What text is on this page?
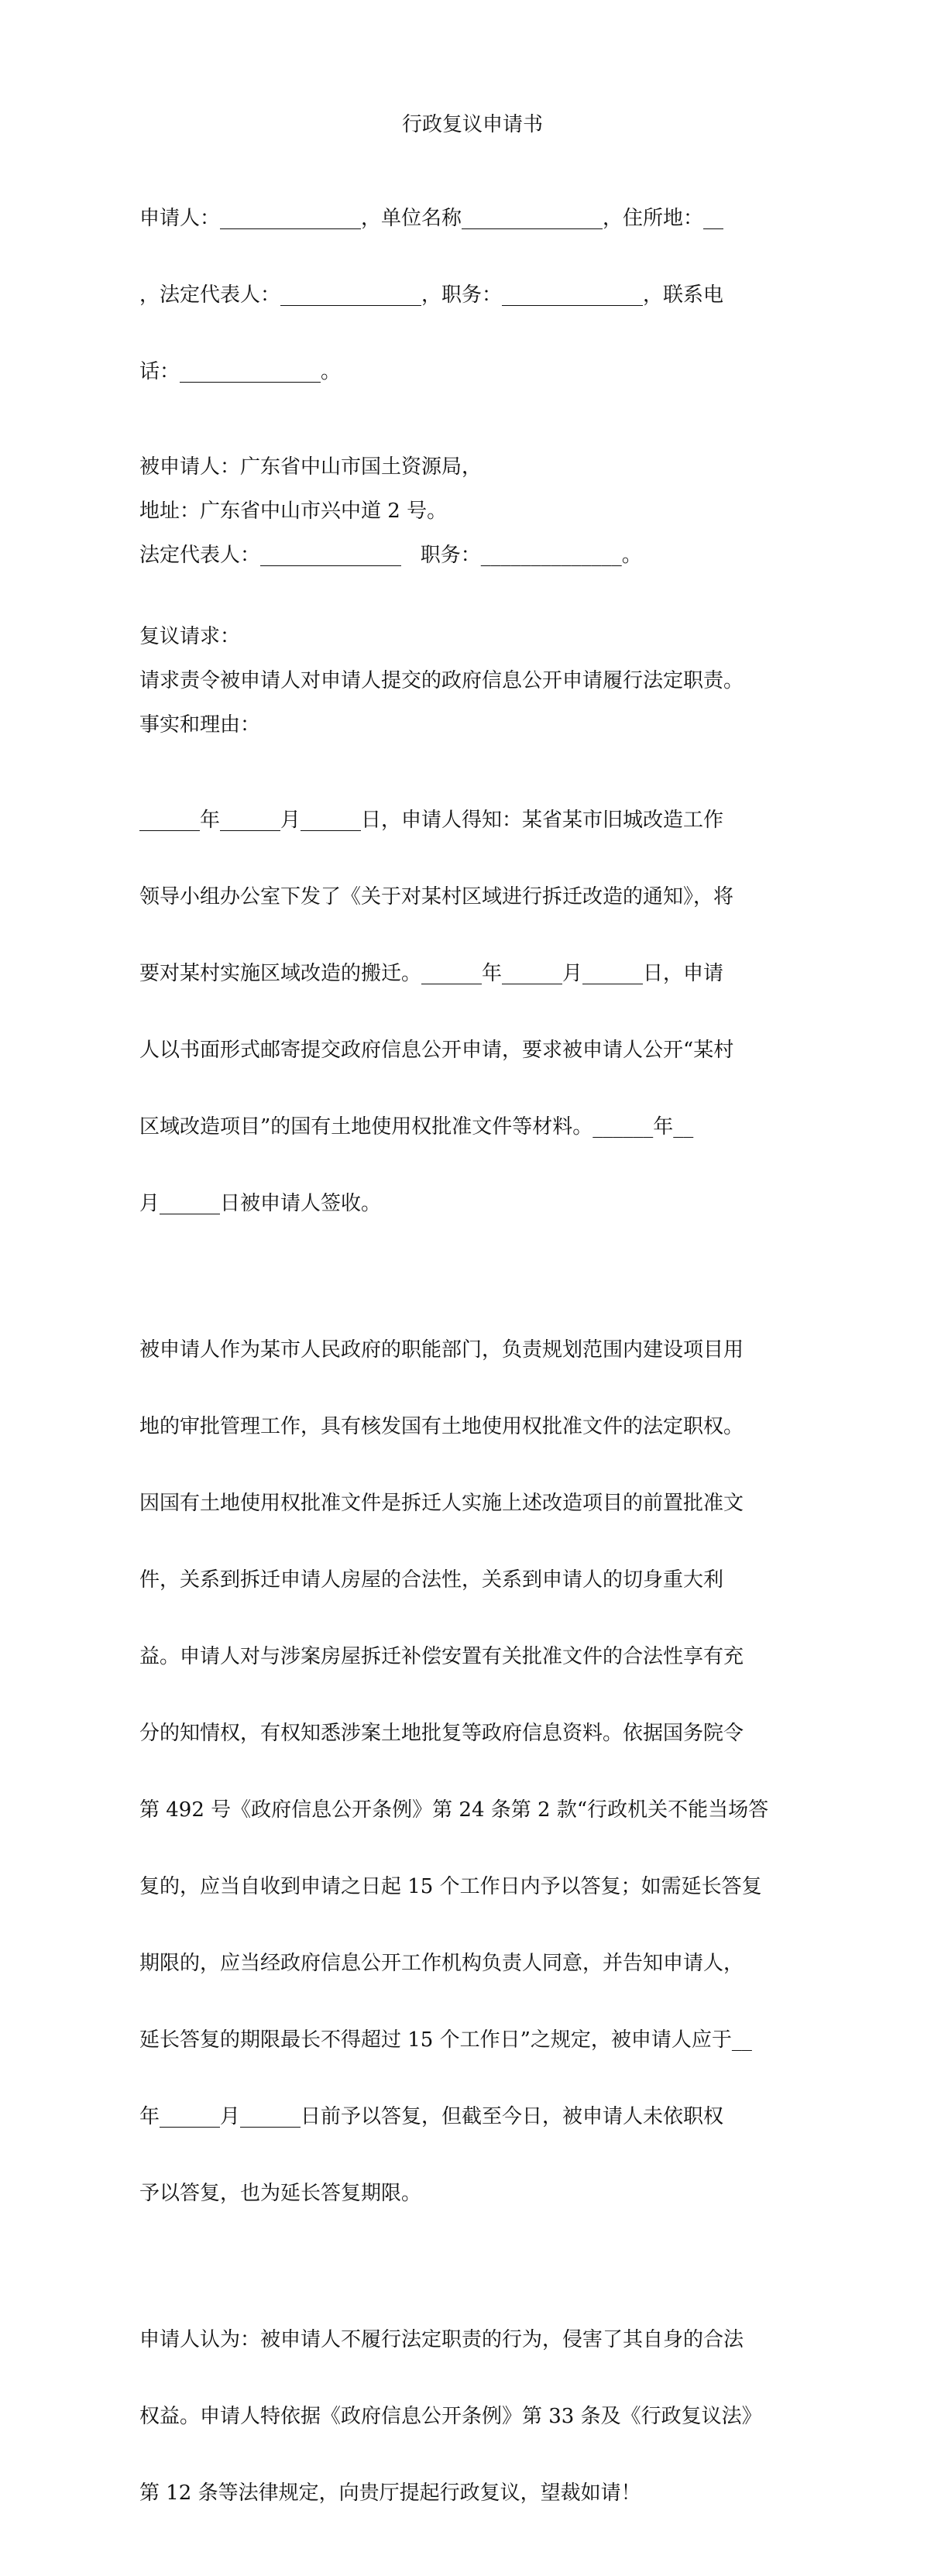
行政复议申请书

申请人：______________，单位名称______________，住所地：__

，法定代表人：______________，职务：______________，联系电

话：______________。

被申请人：广东省中山市国土资源局，
地址：广东省中山市兴中道 2 号。
法定代表人：______________   职务：______________。
复议请求：
请求责令被申请人对申请人提交的政府信息公开申请履行法定职责。
事实和理由：

______年______月______日，申请人得知：某省某市旧城改造工作

领导小组办公室下发了《关于对某村区域进行拆迁改造的通知》，将

要对某村实施区域改造的搬迁。______年______月______日，申请

人以书面形式邮寄提交政府信息公开申请，要求被申请人公开“某村

区域改造项目”的国有土地使用权批准文件等材料。______年__

月______日被申请人签收。

被申请人作为某市人民政府的职能部门，负责规划范围内建设项目用

地的审批管理工作，具有核发国有土地使用权批准文件的法定职权。

因国有土地使用权批准文件是拆迁人实施上述改造项目的前置批准文

件，关系到拆迁申请人房屋的合法性，关系到申请人的切身重大利

益。申请人对与涉案房屋拆迁补偿安置有关批准文件的合法性享有充

分的知情权，有权知悉涉案土地批复等政府信息资料。依据国务院令

第 492 号《政府信息公开条例》第 24 条第 2 款“行政机关不能当场答

复的，应当自收到申请之日起 15 个工作日内予以答复；如需延长答复

期限的，应当经政府信息公开工作机构负责人同意，并告知申请人，

延长答复的期限最长不得超过 15 个工作日”之规定，被申请人应于__

年______月______日前予以答复，但截至今日，被申请人未依职权

予以答复，也为延长答复期限。

申请人认为：被申请人不履行法定职责的行为，侵害了其自身的合法

权益。申请人特依据《政府信息公开条例》第 33 条及《行政复议法》

第 12 条等法律规定，向贵厅提起行政复议，望裁如请！
